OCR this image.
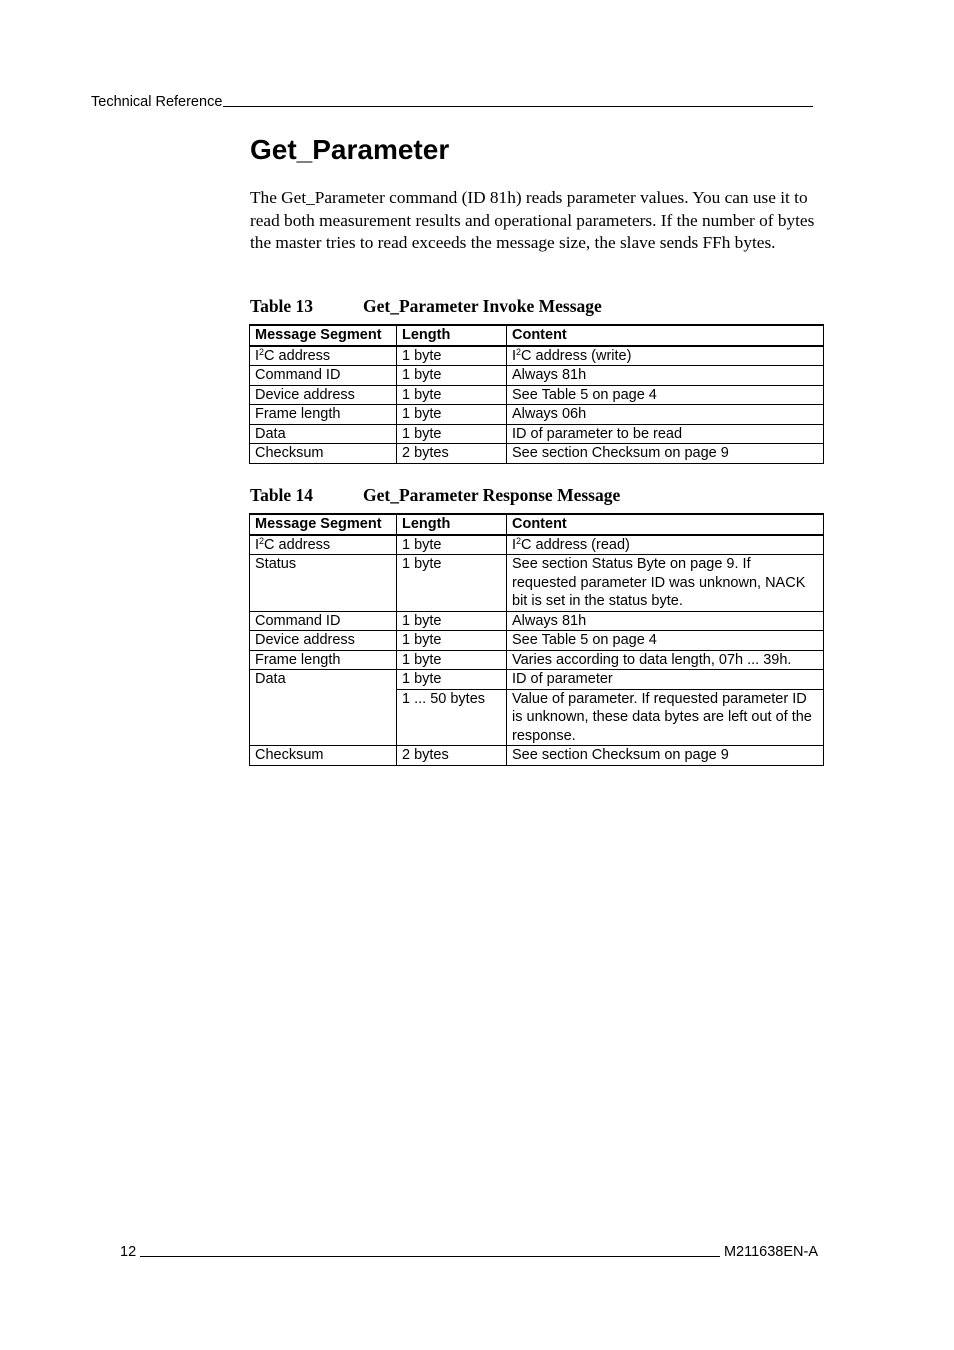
Technical Reference
Get_Parameter

The Get_Parameter command (ID 81h) reads parameter values. You can use it to read both measurement results and operational parameters. If the number of bytes the master tries to read exceeds the message size, the slave sends FFh bytes.

Table 13	Get_Parameter Invoke Message

Message Segment	Length	Content
$I^2C$ address	1 byte	$I^2C$ address (write)
Command ID	1 byte	Always 81h
Device address	1 byte	See Table 5 on page 4
Frame length	1 byte	Always 06h
Data	1 byte	ID of parameter to be read
Checksum	2 bytes	See section Checksum on page 9

Table 14	Get_Parameter Response Message

Message Segment	Length	Content
$I^2C$ address	1 byte	$I^2C$ address (read)
Status	1 byte	See section Status Byte on page 9. If requested parameter ID was unknown, NACK bit is set in the status byte.
Command ID	1 byte	Always 81h
Device address	1 byte	See Table 5 on page 4
Frame length	1 byte	Varies according to data length, 07h ... 39h.
Data	1 byte	ID of parameter
	1 ... 50 bytes	Value of parameter. If requested parameter ID is unknown, these data bytes are left out of the response.
Checksum	2 bytes	See section Checksum on page 9
12	M211638EN-A
